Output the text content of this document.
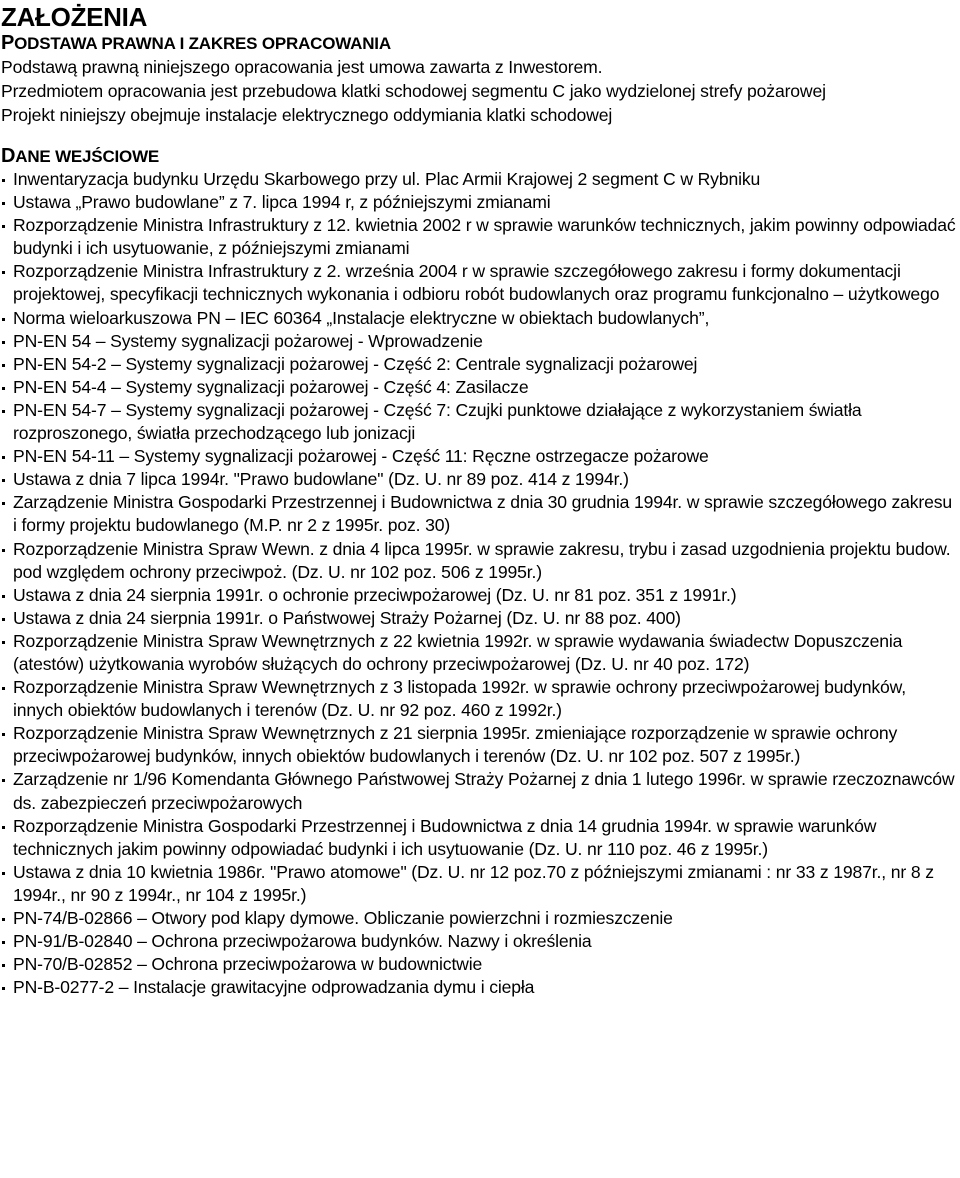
ZAŁOŻENIA
PODSTAWA PRAWNA I ZAKRES OPRACOWANIA

Podstawą prawną niniejszego opracowania jest umowa zawarta z Inwestorem.

Przedmiotem opracowania jest przebudowa klatki schodowej segmentu C jako wydzielonej strefy pożarowej

Projekt niniejszy obejmuje instalacje elektrycznego oddymiania klatki schodowej

DANE WEJŚCIOWE
Inwentaryzacja budynku Urzędu Skarbowego przy ul. Plac Armii Krajowej 2 segment C w Rybniku
Ustawa „Prawo budowlane” z 7. lipca 1994 r, z późniejszymi zmianami
Rozporządzenie Ministra Infrastruktury z 12. kwietnia 2002 r w sprawie warunków technicznych, jakim powinny odpowiadać budynki i ich usytuowanie, z późniejszymi zmianami
Rozporządzenie Ministra Infrastruktury z 2. września 2004 r w sprawie szczegółowego zakresu i formy dokumentacji projektowej, specyfikacji technicznych wykonania i odbioru robót budowlanych oraz programu funkcjonalno – użytkowego
Norma wieloarkuszowa PN – IEC 60364 „Instalacje elektryczne w obiektach budowlanych”,
PN-EN 54 – Systemy sygnalizacji pożarowej - Wprowadzenie
PN-EN 54-2 – Systemy sygnalizacji pożarowej - Część 2: Centrale sygnalizacji pożarowej
PN-EN 54-4 – Systemy sygnalizacji pożarowej - Część 4: Zasilacze
PN-EN 54-7 – Systemy sygnalizacji pożarowej - Część 7: Czujki punktowe działające z wykorzystaniem światła rozproszonego, światła przechodzącego lub jonizacji
PN-EN 54-11 – Systemy sygnalizacji pożarowej - Część 11: Ręczne ostrzegacze pożarowe
Ustawa z dnia 7 lipca 1994r. "Prawo budowlane" (Dz. U. nr 89 poz. 414 z 1994r.)
Zarządzenie Ministra Gospodarki Przestrzennej i Budownictwa z dnia 30 grudnia 1994r. w sprawie szczegółowego zakresu i formy projektu budowlanego (M.P. nr 2 z 1995r. poz. 30)
Rozporządzenie Ministra Spraw Wewn. z dnia 4 lipca 1995r. w sprawie zakresu, trybu i zasad uzgodnienia projektu budow. pod względem ochrony przeciwpoż. (Dz. U. nr 102 poz. 506 z 1995r.)
Ustawa z dnia 24 sierpnia 1991r. o ochronie przeciwpożarowej (Dz. U. nr 81 poz. 351 z 1991r.)
Ustawa z dnia 24 sierpnia 1991r. o Państwowej Straży Pożarnej (Dz. U. nr 88 poz. 400)
Rozporządzenie Ministra Spraw Wewnętrznych z 22 kwietnia 1992r. w sprawie wydawania świadectw Dopuszczenia (atestów) użytkowania wyrobów służących do ochrony przeciwpożarowej (Dz. U. nr 40 poz. 172)
Rozporządzenie Ministra Spraw Wewnętrznych z 3 listopada 1992r. w sprawie ochrony przeciwpożarowej budynków, innych obiektów budowlanych i terenów (Dz. U. nr 92 poz. 460 z 1992r.)
Rozporządzenie Ministra Spraw Wewnętrznych z 21 sierpnia 1995r. zmieniające rozporządzenie w sprawie ochrony przeciwpożarowej budynków, innych obiektów budowlanych i terenów (Dz. U. nr 102 poz. 507 z 1995r.)
Zarządzenie nr 1/96 Komendanta Głównego Państwowej Straży Pożarnej z dnia 1 lutego 1996r. w sprawie rzeczoznawców ds. zabezpieczeń przeciwpożarowych
Rozporządzenie Ministra Gospodarki Przestrzennej i Budownictwa z dnia 14 grudnia 1994r. w sprawie warunków technicznych jakim powinny odpowiadać budynki i ich usytuowanie (Dz. U. nr 110 poz. 46 z 1995r.)
Ustawa z dnia 10 kwietnia 1986r. "Prawo atomowe" (Dz. U. nr 12 poz.70 z późniejszymi zmianami : nr 33 z 1987r., nr 8 z 1994r., nr 90 z 1994r., nr 104 z 1995r.)
PN-74/B-02866 – Otwory pod klapy dymowe. Obliczanie powierzchni i rozmieszczenie
PN-91/B-02840 – Ochrona przeciwpożarowa budynków. Nazwy i określenia
PN-70/B-02852 – Ochrona przeciwpożarowa w budownictwie
PN-B-0277-2 – Instalacje grawitacyjne odprowadzania dymu i ciepła
